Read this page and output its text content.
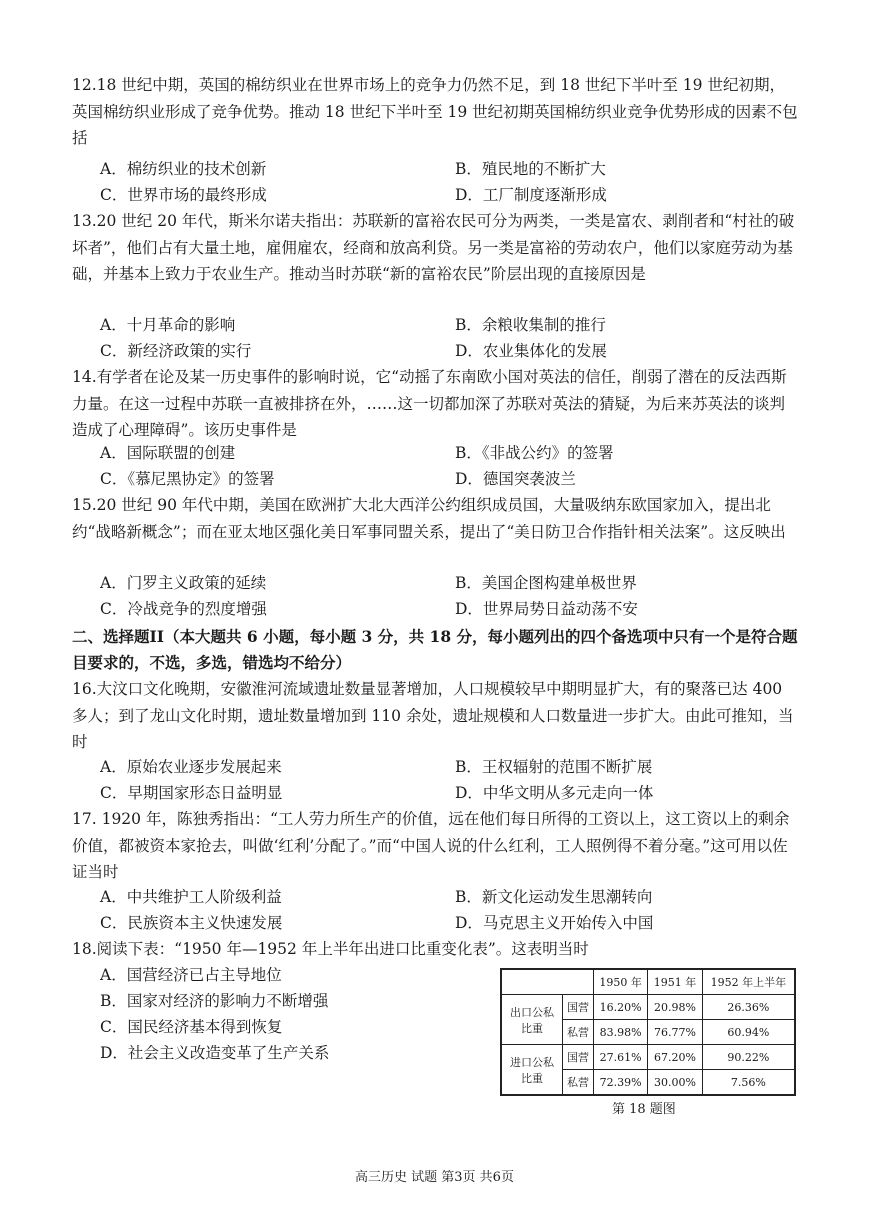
12.18 世纪中期，英国的棉纺织业在世界市场上的竞争力仍然不足，到 18 世纪下半叶至 19 世纪初期，英国棉纺织业形成了竞争优势。推动 18 世纪下半叶至 19 世纪初期英国棉纺织业竞争优势形成的因素不包括
A．棉纺织业的技术创新	B．殖民地的不断扩大
C．世界市场的最终形成	D．工厂制度逐渐形成
13.20 世纪 20 年代，斯米尔诺夫指出：苏联新的富裕农民可分为两类，一类是富农、剥削者和“村社的破坏者”，他们占有大量土地，雇佣雇农，经商和放高利贷。另一类是富裕的劳动农户，他们以家庭劳动为基础，并基本上致力于农业生产。推动当时苏联“新的富裕农民”阶层出现的直接原因是
A．十月革命的影响	B．余粮收集制的推行
C．新经济政策的实行	D．农业集体化的发展
14.有学者在论及某一历史事件的影响时说，它“动摇了东南欧小国对英法的信任，削弱了潜在的反法西斯力量。在这一过程中苏联一直被排挤在外，……这一切都加深了苏联对英法的猜疑，为后来苏英法的谈判造成了心理障碍”。该历史事件是
A．国际联盟的创建	B．《非战公约》的签署
C．《慕尼黑协定》的签署	D．德国突袭波兰
15.20 世纪 90 年代中期，美国在欧洲扩大北大西洋公约组织成员国，大量吸纳东欧国家加入，提出北约“战略新概念”；而在亚太地区强化美日军事同盟关系，提出了“美日防卫合作指针相关法案”。这反映出
A．门罗主义政策的延续	B．美国企图构建单极世界
C．冷战竞争的烈度增强	D．世界局势日益动荡不安
二、选择题II（本大题共 6 小题，每小题 3 分，共 18 分，每小题列出的四个备选项中只有一个是符合题目要求的，不选，多选，错选均不给分）
16.大汶口文化晚期，安徽淮河流域遗址数量显著增加，人口规模较早中期明显扩大，有的聚落已达 400 多人；到了龙山文化时期，遗址数量增加到 110 余处，遗址规模和人口数量进一步扩大。由此可推知，当时
A．原始农业逐步发展起来	B．王权辐射的范围不断扩展
C．早期国家形态日益明显	D．中华文明从多元走向一体
17. 1920 年，陈独秀指出：“工人劳力所生产的价值，远在他们每日所得的工资以上，这工资以上的剩余价值，都被资本家抢去，叫做‘红利’分配了。”而“中国人说的什么红利，工人照例得不着分毫。”这可用以佐证当时
A．中共维护工人阶级利益	B．新文化运动发生思潮转向
C．民族资本主义快速发展	D．马克思主义开始传入中国
18.阅读下表：“1950 年—1952 年上半年出进口比重变化表”。这表明当时
A．国营经济已占主导地位
B．国家对经济的影响力不断增强
C．国民经济基本得到恢复
D．社会主义改造变革了生产关系
		1950 年	1951 年	1952 年上半年
出口公私
比重	国营	16.20%	20.98%	26.36%
	私营	83.98%	76.77%	60.94%
进口公私
比重	国营	27.61%	67.20%	90.22%
	私营	72.39%	30.00%	7.56%
第 18 题图
高三历史 试题 第3页 共6页
